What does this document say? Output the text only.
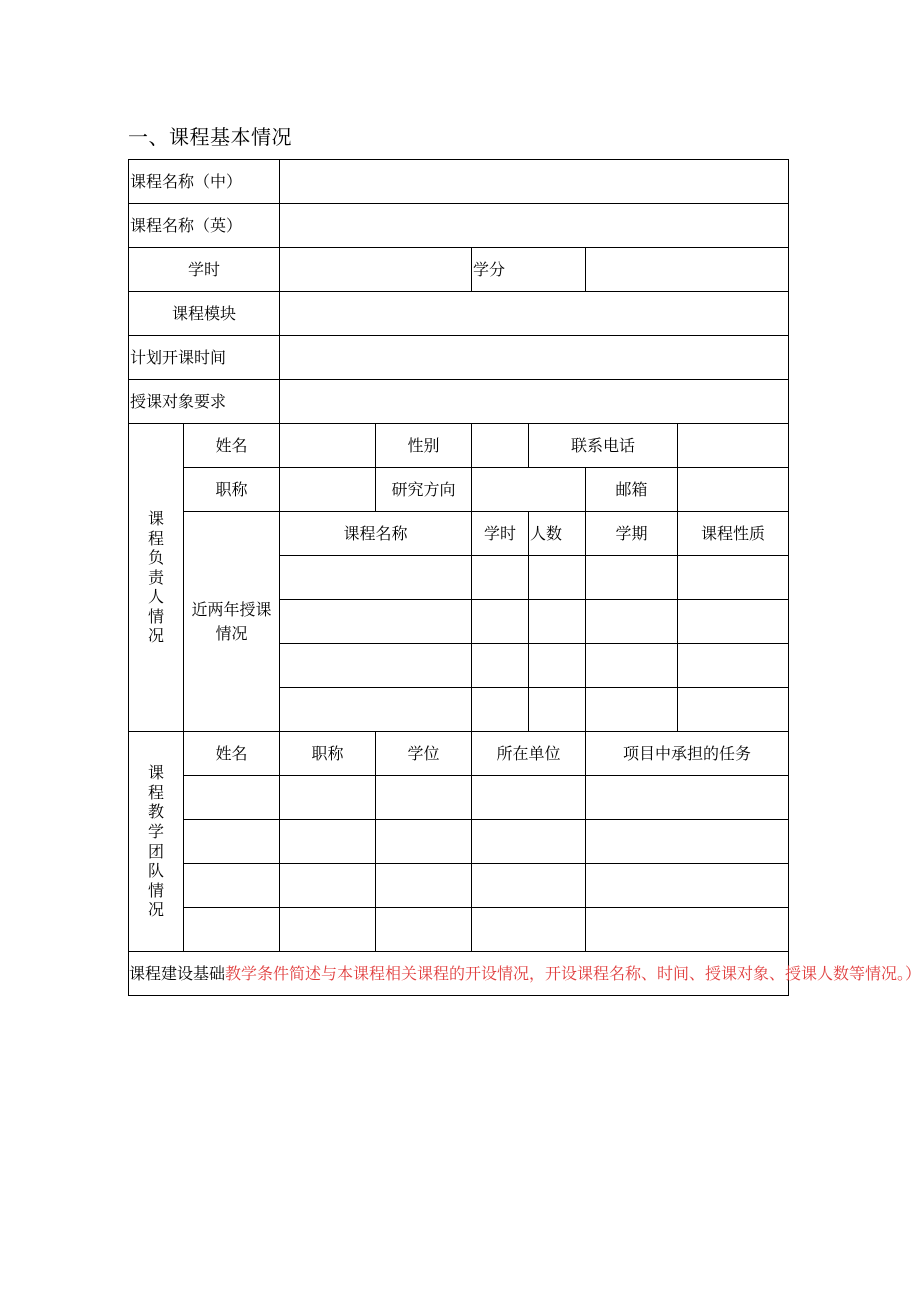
一、课程基本情况
课程名称（中）							
课程名称（英）							
学时				学分			
课程模块							
计划开课时间							
授课对象要求							
课程负责人情况	姓名		性别		联系电话		
	职称		研究方向			邮箱	
	近两年授课情况	课程名称		学时	人数	学期	课程性质

课程教学团队情况	姓名	职称	学位	所在单位		项目中承担的任务	

课程建设基础教学条件简述与本课程相关课程的开设情况，开设课程名称、时间、授课对象、授课人数等情况。）							
